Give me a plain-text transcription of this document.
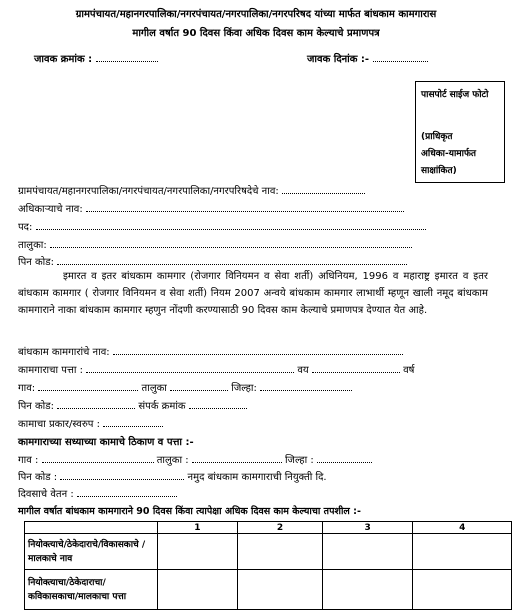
ग्रामपंचायत/महानगरपालिका/नगरपंचायत/नगरपालिका/नगरपरिषद यांच्या मार्फत बांधकाम कामगारास
मागील वर्षात 90 दिवस किंवा अधिक दिवस काम केल्याचे प्रमाणपत्र
जावक क्रमांक :	जावक दिनांक :-
पासपोर्ट साईज फोटो
(प्राधिकृत
अधिका-यामार्फत
साक्षांकित)
ग्रामपंचायत/महानगरपालिका/नगरपंचायत/नगरपालिका/नगरपरिषदेचे नाव:
अधिकाऱ्याचे नाव:
पद:
तालुका:
पिन कोड:
इमारत व इतर बांधकाम कामगार (रोजगार विनियमन व सेवा शर्ती) अधिनियम, 1996 व महाराष्ट्र इमारत व इतर बांधकाम कामगार ( रोजगार विनियमन व सेवा शर्ती) नियम 2007 अन्वये बांधकाम कामगार लाभार्थी म्हणून खाली नमूद बांधकाम कामगाराने नाका बांधकाम कामगार म्हणुन नोंदणी करण्यासाठी 90 दिवस काम केल्याचे प्रमाणपत्र देण्यात येत आहे.
बांधकाम कामगारांचे नाव:
कामगाराचा पत्ता :	वय	वर्ष
गाव:	तालुका	जिल्हा:
पिन कोड:	संपर्क क्रमांक
कामाचा प्रकार/स्वरुप :
कामगाराच्या सध्याच्या कामाचे ठिकाण व पत्ता :-
गाव :	तालुका :	जिल्हा :
पिन कोड :	नमुद बांधकाम कामगाराची नियुक्ती दि.
दिवसाचे वेतन :
मागील वर्षात बांधकाम कामगाराने 90 दिवस किंवा त्यापेक्षा अधिक दिवस काम केल्याचा तपशील :-
	1	2	3	4
नियोक्त्याचे/ठेकेदाराचे/विकासकाचे /मालकाचे नाव				
नियोक्त्याचा/ठेकेदाराचा/ कविकासकाचा/मालकाचा पत्ता				
